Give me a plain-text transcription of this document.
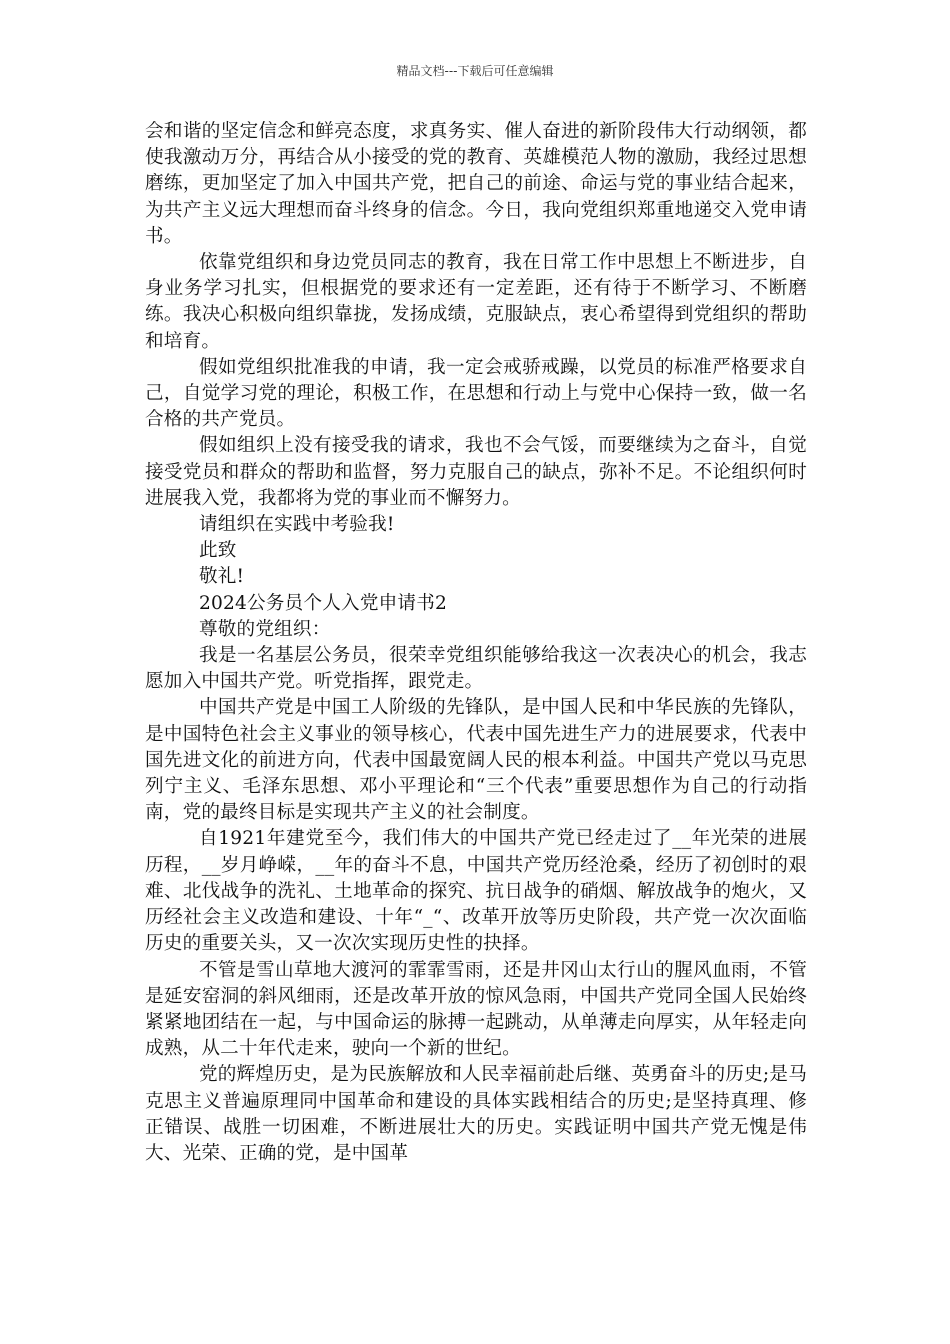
精品文档---下载后可任意编辑

会和谐的坚定信念和鲜亮态度，求真务实、催人奋进的新阶段伟大行动纲领，都使我激动万分，再结合从小接受的党的教育、英雄模范人物的激励，我经过思想磨练，更加坚定了加入中国共产党，把自己的前途、命运与党的事业结合起来，为共产主义远大理想而奋斗终身的信念。今日，我向党组织郑重地递交入党申请书。

依靠党组织和身边党员同志的教育，我在日常工作中思想上不断进步，自身业务学习扎实，但根据党的要求还有一定差距，还有待于不断学习、不断磨练。我决心积极向组织靠拢，发扬成绩，克服缺点，衷心希望得到党组织的帮助和培育。

假如党组织批准我的申请，我一定会戒骄戒躁，以党员的标准严格要求自己，自觉学习党的理论，积极工作，在思想和行动上与党中心保持一致，做一名合格的共产党员。

假如组织上没有接受我的请求，我也不会气馁，而要继续为之奋斗，自觉接受党员和群众的帮助和监督，努力克服自己的缺点，弥补不足。不论组织何时进展我入党，我都将为党的事业而不懈努力。

请组织在实践中考验我!

此致

敬礼!

2024公务员个人入党申请书2

尊敬的党组织：

我是一名基层公务员，很荣幸党组织能够给我这一次表决心的机会，我志愿加入中国共产党。听党指挥，跟党走。

中国共产党是中国工人阶级的先锋队，是中国人民和中华民族的先锋队，是中国特色社会主义事业的领导核心，代表中国先进生产力的进展要求，代表中国先进文化的前进方向，代表中国最宽阔人民的根本利益。中国共产党以马克思列宁主义、毛泽东思想、邓小平理论和“三个代表”重要思想作为自己的行动指南，党的最终目标是实现共产主义的社会制度。

自1921年建党至今，我们伟大的中国共产党已经走过了__年光荣的进展历程，__岁月峥嵘，__年的奋斗不息，中国共产党历经沧桑，经历了初创时的艰难、北伐战争的洗礼、土地革命的探究、抗日战争的硝烟、解放战争的炮火，又历经社会主义改造和建设、十年“_“、改革开放等历史阶段，共产党一次次面临历史的重要关头，又一次次实现历史性的抉择。

不管是雪山草地大渡河的霏霏雪雨，还是井冈山太行山的腥风血雨，不管是延安窑洞的斜风细雨，还是改革开放的惊风急雨，中国共产党同全国人民始终紧紧地团结在一起，与中国命运的脉搏一起跳动，从单薄走向厚实，从年轻走向成熟，从二十年代走来，驶向一个新的世纪。

党的辉煌历史，是为民族解放和人民幸福前赴后继、英勇奋斗的历史;是马克思主义普遍原理同中国革命和建设的具体实践相结合的历史;是坚持真理、修正错误、战胜一切困难，不断进展壮大的历史。实践证明中国共产党无愧是伟大、光荣、正确的党，是中国革
